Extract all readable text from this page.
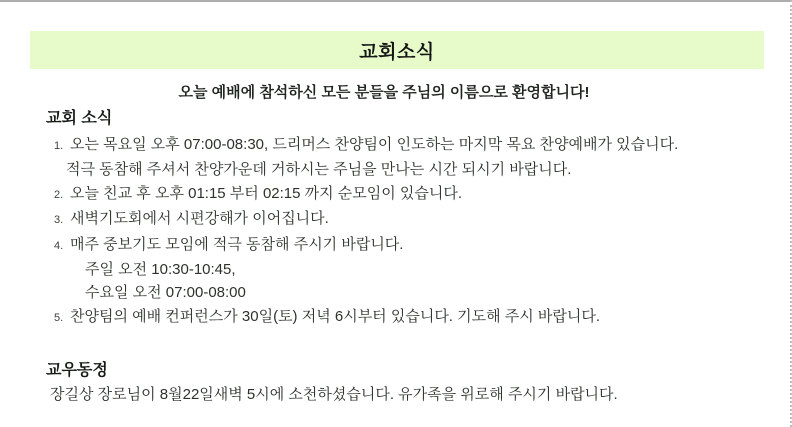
교회소식

오늘 예배에 참석하신 모든 분들을 주님의 이름으로 환영합니다!

교회 소식
1. 오는 목요일 오후 07:00-08:30, 드리머스 찬양팀이 인도하는 마지막 목요 찬양예배가 있습니다.
적극 동참해 주셔서 찬양가운데 거하시는 주님을 만나는 시간 되시기 바랍니다.
2. 오늘 친교 후 오후 01:15 부터 02:15 까지 순모임이 있습니다.
3. 새벽기도회에서 시편강해가 이어집니다.
4. 매주 중보기도 모임에 적극 동참해 주시기 바랍니다.
주일 오전 10:30-10:45,
수요일 오전 07:00-08:00
5. 찬양팀의 예배 컨퍼런스가 30일(토) 저녁 6시부터 있습니다. 기도해 주시 바랍니다.
교우동정

장길상 장로님이 8월22일새벽 5시에 소천하셨습니다. 유가족을 위로해 주시기 바랍니다.
